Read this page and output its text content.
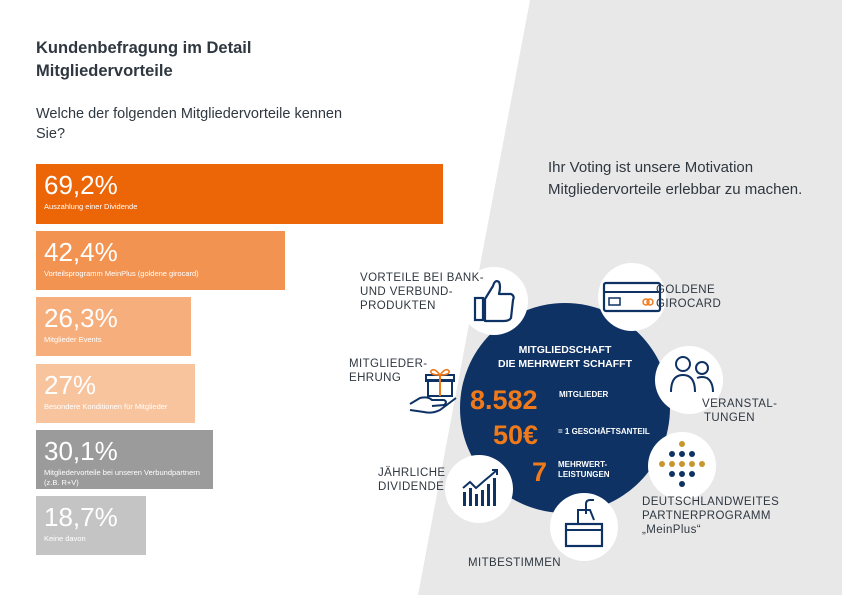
Kundenbefragung im Detail
Mitgliedervorteile
Welche der folgenden Mitgliedervorteile kennen Sie?
69,2%
Auszahlung einer Dividende
42,4%
Vorteilsprogramm MeinPlus (goldene girocard)
26,3%
Mitglieder Events
27%
Besondere Konditionen für Mitglieder
30,1%
Mitgliedervorteile bei unseren Verbundpartnern (z.B. R+V)
18,7%
Keine davon
Ihr Voting ist unsere Motivation Mitgliedervorteile erlebbar zu machen.
MITGLIEDSCHAFT
DIE MEHRWERT SCHAFFT
8.582	MITGLIEDER
50€ = 1 GESCHÄFTSANTEIL
7 MEHRWERT-
LEISTUNGEN
VORTEILE BEI BANK-
UND VERBUND-
PRODUKTEN
GOLDENE
GIROCARD
VERANSTAL-
TUNGEN
DEUTSCHLANDWEITES
PARTNERPROGRAMM
„MeinPlus“
MITBESTIMMEN
JÄHRLICHE
DIVIDENDE
MITGLIEDER-
EHRUNG
